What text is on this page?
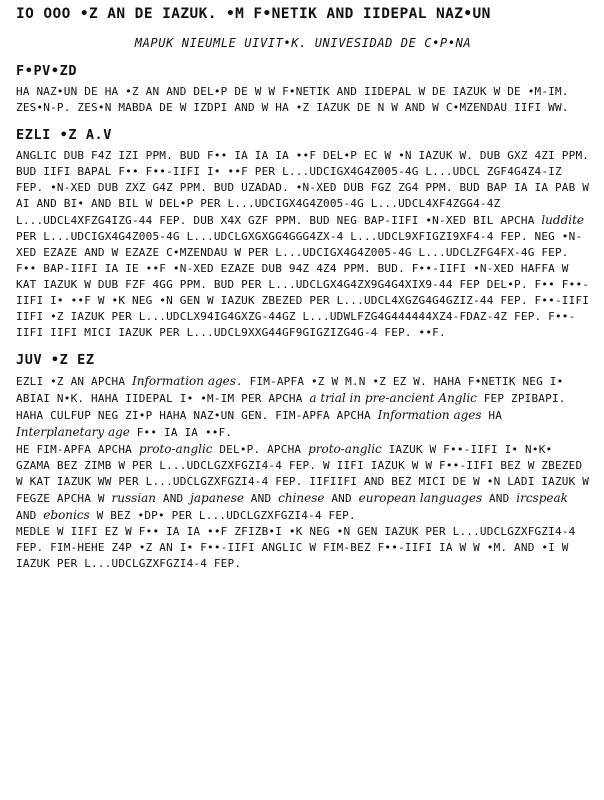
IO OOO •Z AN DE IAZUK. •M F•NETIK AND IIDEPAL NAZ•UN
MAPUK NIEUMLE UIVIT•K. UNIVESIDAD DE C•P•NA
F•PV•ZD

HA NAZ•UN DE HA •Z AN AND DEL•P DE W W F•NETIK AND IIDEPAL W DE IAZUK W DE •M-IM. ZES•N-P. ZES•N MABDA DE W IZDPI AND W HA •Z IAZUK DE N W AND W C•MZENDAU IIFI WW.

EZLI •Z A.V

ANGLIC DUB F4Z IZI PPM. BUD F•• IA IA IA ••F DEL•P EC W •N IAZUK W. DUB GXZ 4ZI PPM. BUD IIFI BAPAL F•• F••-IIFI I• ••F PER L...UDCIGX4G4Z005-4G L...UDCL ZGF4G4Z4-IZ FEP. •N-XED DUB ZXZ G4Z PPM. BUD UZADAD. •N-XED DUB FGZ ZG4 PPM. BUD BAP IA IA PAB W AI AND BI• AND BIL W DEL•P PER L...UDCIGX4G4Z005-4G L...UDCL4XF4ZGG4-4Z L...UDCL4XFZG4IZG-44 FEP. DUB X4X GZF PPM. BUD NEG BAP-IIFI •N-XED BIL APCHA luddite PER L...UDCIGX4G4Z005-4G L...UDCLGXGXGG4GGG4ZX-4 L...UDCL9XFIGZI9XF4-4 FEP. NEG •N-XED EZAZE AND W EZAZE C•MZENDAU W PER L...UDCIGX4G4Z005-4G L...UDCLZFG4FX-4G FEP.

F•• BAP-IIFI IA IE ••F •N-XED EZAZE DUB 94Z 4Z4 PPM. BUD. F••-IIFI •N-XED HAFFA W KAT IAZUK W DUB FZF 4GG PPM. BUD PER L...UDCLGX4G4ZX9G4G4XIX9-44 FEP DEL•P. F•• F••-IIFI I• ••F W •K NEG •N GEN W IAZUK ZBEZED PER L...UDCL4XGZG4G4GZIZ-44 FEP. F••-IIFI IIFI •Z IAZUK PER L...UDCLX94IG4GXZG-44GZ L...UDWLFZG4G444444XZ4-FDAZ-4Z FEP. F••-IIFI IIFI MICI IAZUK PER L...UDCL9XXG44GF9GIGZIZG4G-4 FEP. ••F.

JUV •Z EZ

EZLI •Z AN APCHA Information ages. FIM-APFA •Z W M.N •Z EZ W. HAHA F•NETIK NEG I• ABIAI N•K. HAHA IIDEPAL I• •M-IM PER APCHA a trial in pre-ancient Anglic FEP ZPIBAPI. HAHA CULFUP NEG ZI•P HAHA NAZ•UN GEN. FIM-APFA APCHA Information ages HA Interplanetary age F•• IA IA ••F.

HE FIM-APFA APCHA proto-anglic DEL•P. APCHA proto-anglic IAZUK W F••-IIFI I• N•K• GZAMA BEZ ZIMB W PER L...UDCLGZXFGZI4-4 FEP. W IIFI IAZUK W W F••-IIFI BEZ W ZBEZED W KAT IAZUK WW PER L...UDCLGZXFGZI4-4 FEP. IIFIIFI AND BEZ MICI DE W •N LADI IAZUK W FEGZE APCHA W russian AND japanese AND chinese AND european languages AND ircspeak AND ebonics W BEZ •DP• PER L...UDCLGZXFGZI4-4 FEP.

MEDLE W IIFI EZ W F•• IA IA ••F ZFIZB•I •K NEG •N GEN IAZUK PER L...UDCLGZXFGZI4-4 FEP. FIM-HEHE Z4P •Z AN I• F••-IIFI ANGLIC W FIM-BEZ F••-IIFI IA W W •M. AND •I W IAZUK PER L...UDCLGZXFGZI4-4 FEP.
